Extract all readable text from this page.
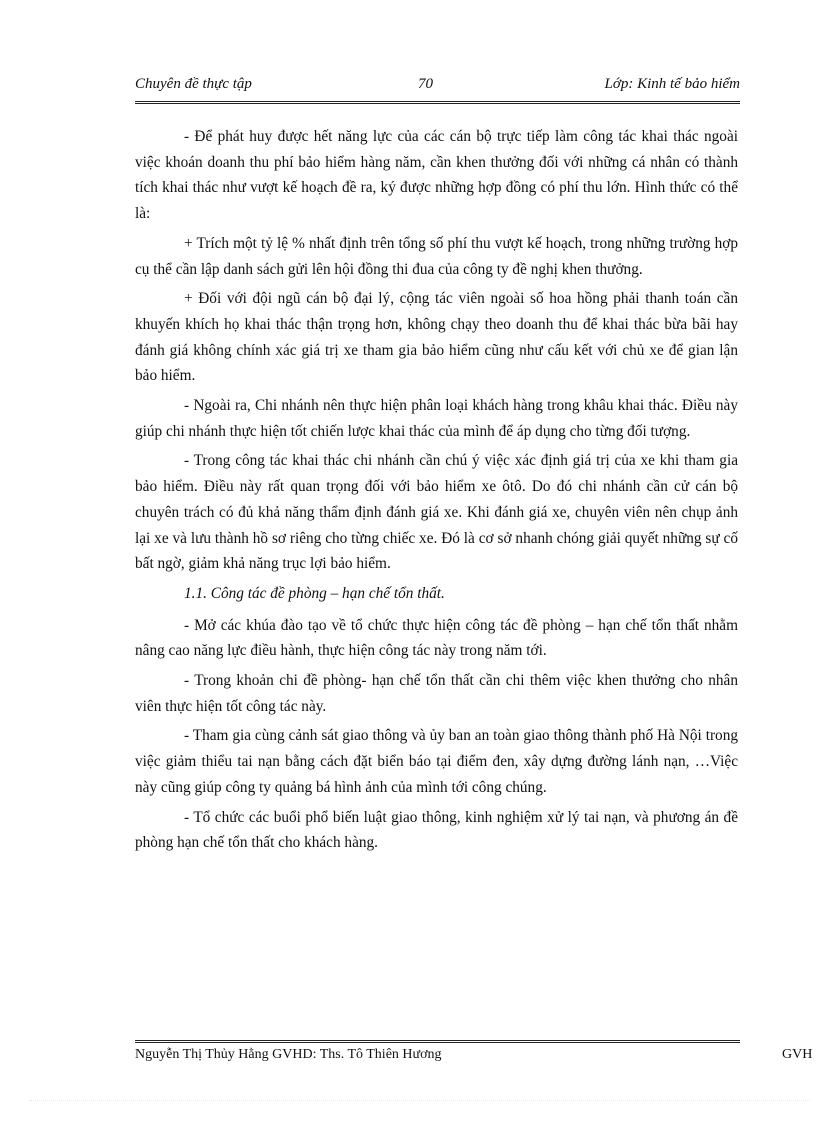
Chuyên đề thực tập	70	Lớp: Kinh tế bảo hiểm

- Để phát huy được hết năng lực của các cán bộ trực tiếp làm công tác khai thác ngoài việc khoán doanh thu phí bảo hiểm hàng năm, cần khen thưởng đối với những cá nhân có thành tích khai thác như vượt kế hoạch đề ra, ký được những hợp đồng có phí thu lớn. Hình thức có thể là:

+ Trích một tỷ lệ % nhất định trên tổng số phí thu vượt kế hoạch, trong những trường hợp cụ thể cần lập danh sách gửi lên hội đồng thi đua của công ty đề nghị khen thưởng.

+ Đối với đội ngũ cán bộ đại lý, cộng tác viên ngoài số hoa hồng phải thanh toán cần khuyến khích họ khai thác thận trọng hơn, không chạy theo doanh thu để khai thác bừa bãi hay đánh giá không chính xác giá trị xe tham gia bảo hiểm cũng như cấu kết với chủ xe để gian lận bảo hiểm.

- Ngoài ra, Chi nhánh nên thực hiện phân loại khách hàng trong khâu khai thác. Điều này giúp chi nhánh thực hiện tốt chiến lược khai thác của mình để áp dụng cho từng đối tượng.

- Trong công tác khai thác chi nhánh cần chú ý việc xác định giá trị của xe khi tham gia bảo hiểm. Điều này rất quan trọng đối với bảo hiểm xe ôtô. Do đó chi nhánh cần cử cán bộ chuyên trách có đủ khả năng thẩm định đánh giá xe. Khi đánh giá xe, chuyên viên nên chụp ảnh lại xe và lưu thành hồ sơ riêng cho từng chiếc xe. Đó là cơ sở nhanh chóng giải quyết những sự cố bất ngờ, giảm khả năng trục lợi bảo hiểm.

1.1. Công tác đề phòng – hạn chế tổn thất.

- Mở các khúa đào tạo về tổ chức thực hiện công tác đề phòng – hạn chế tổn thất nhằm nâng cao năng lực điều hành, thực hiện công tác này trong năm tới.

- Trong khoản chi đề phòng- hạn chế tổn thất cần chi thêm việc khen thưởng cho nhân viên thực hiện tốt công tác này.

- Tham gia cùng cảnh sát giao thông và ủy ban an toàn giao thông thành phố Hà Nội trong việc giảm thiểu tai nạn bằng cách đặt biển báo tại điểm đen, xây dựng đường lánh nạn, …Việc này cũng giúp công ty quảng bá hình ảnh của mình tới công chúng.

- Tổ chức các buổi phổ biến luật giao thông, kinh nghiệm xử lý tai nạn, và phương án đề phòng hạn chế tổn thất cho khách hàng.

Nguyễn Thị Thủy Hằng GVHD: Ths. Tô Thiên Hương	GVH
